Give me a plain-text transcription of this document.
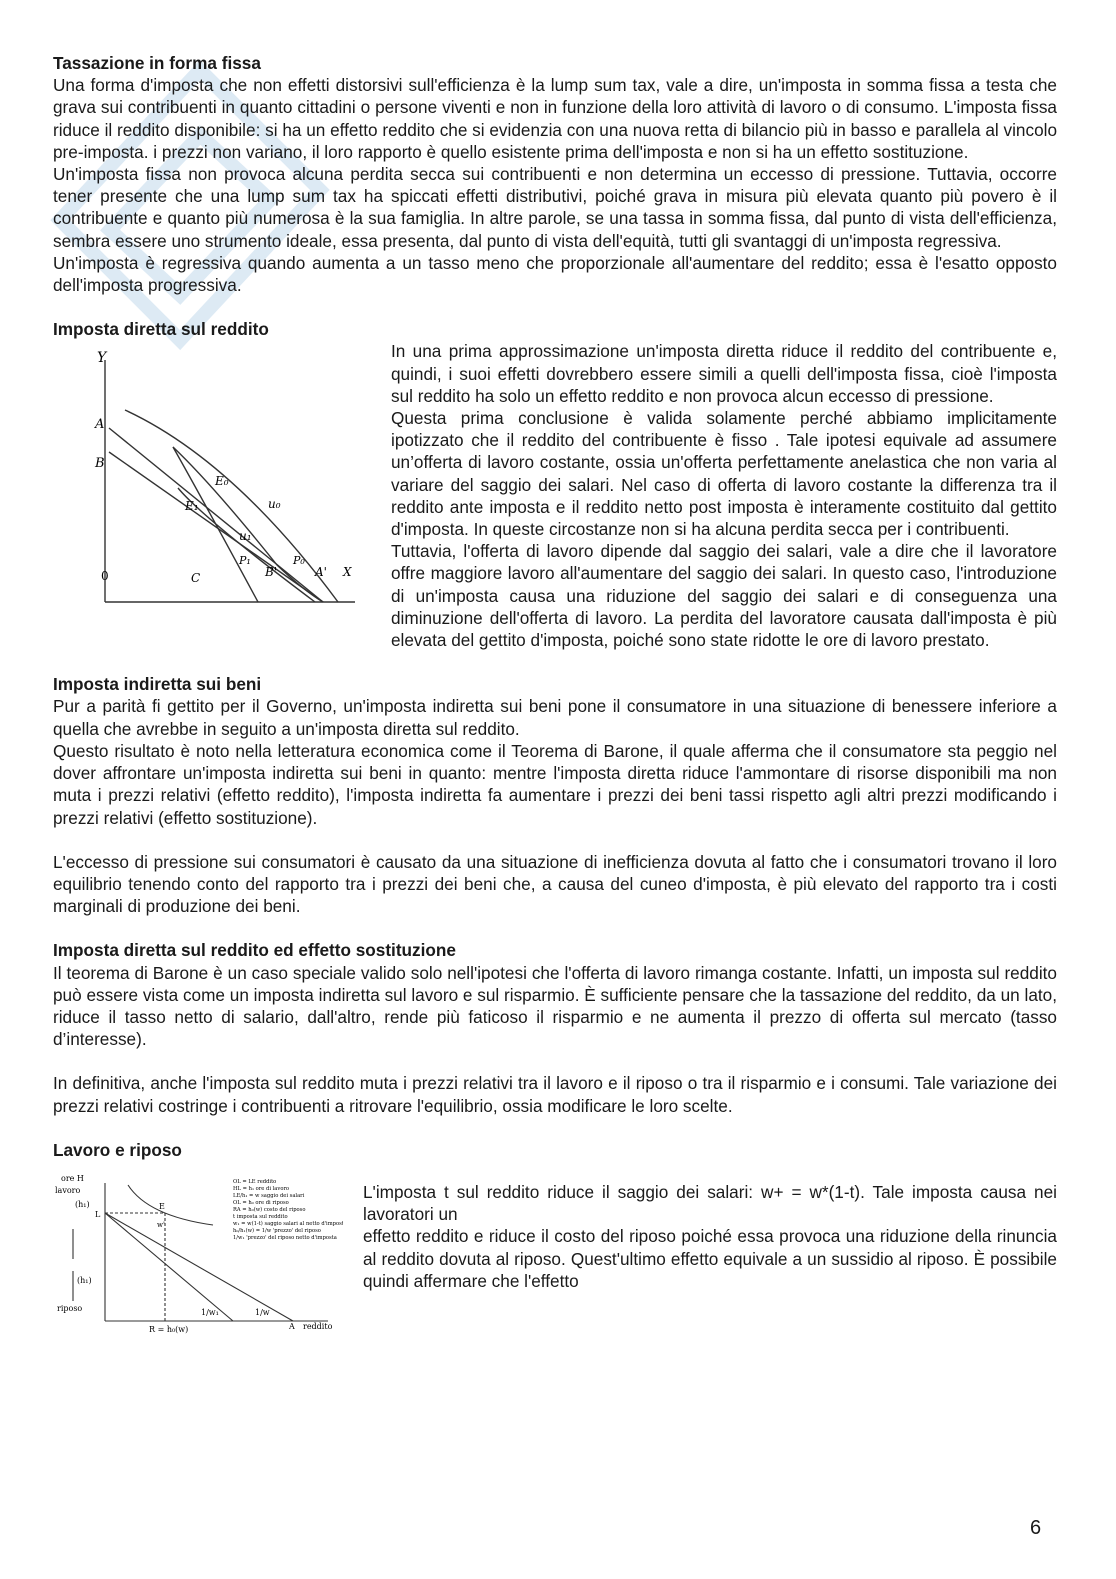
Tassazione in forma fissa

Una forma d'imposta che non effetti distorsivi sull'efficienza è la lump sum tax, vale a dire, un'imposta in somma fissa a testa che grava sui contribuenti in quanto cittadini o persone viventi e non in funzione della loro attività di lavoro o di consumo. L'imposta fissa riduce il reddito disponibile: si ha un effetto reddito che si evidenzia con una nuova retta di bilancio più in basso e parallela al vincolo pre-imposta. i prezzi non variano, il loro rapporto è quello esistente prima dell'imposta e non si ha un effetto sostituzione.

Un'imposta fissa non provoca alcuna perdita secca sui contribuenti e non determina un eccesso di pressione. Tuttavia, occorre tener presente che una lump sum tax ha spiccati effetti distributivi, poiché grava in misura più elevata quanto più povero è il contribuente e quanto più numerosa è la sua famiglia. In altre parole, se una tassa in somma fissa, dal punto di vista dell'efficienza, sembra essere uno strumento ideale, essa presenta, dal punto di vista dell'equità, tutti gli svantaggi di un'imposta regressiva.

Un'imposta è regressiva quando aumenta a un tasso meno che proporzionale all'aumentare del reddito; essa è l'esatto opposto dell'imposta progressiva.

Imposta diretta sul reddito

Y
A
B
E₀
E₁	u₀
u₁
P₁	P₀
0	C	B'	A' X

In una prima approssimazione un'imposta diretta riduce il reddito del contribuente e, quindi, i suoi effetti dovrebbero essere simili a quelli dell'imposta fissa, cioè l'imposta sul reddito ha solo un effetto reddito e non provoca alcun eccesso di pressione.

Questa prima conclusione è valida solamente perché abbiamo implicitamente ipotizzato che il reddito del contribuente è fisso . Tale ipotesi equivale ad assumere un’offerta di lavoro costante, ossia un'offerta perfettamente anelastica che non varia al variare del saggio dei salari. Nel caso di offerta di lavoro costante la differenza tra il reddito ante imposta e il reddito netto post imposta è interamente costituito dal gettito d'imposta. In queste circostanze non si ha alcuna perdita secca per i contribuenti.

Tuttavia, l'offerta di lavoro dipende dal saggio dei salari, vale a dire che il lavoratore offre maggiore lavoro all'aumentare del saggio dei salari. In questo caso, l'introduzione di un'imposta causa una riduzione del saggio dei salari e di conseguenza una diminuzione dell'offerta di lavoro. La perdita del lavoratore causata dall'imposta è più elevata del gettito d'imposta, poiché sono state ridotte le ore di lavoro prestato.

Imposta indiretta sui beni

Pur a parità fi gettito per il Governo, un'imposta indiretta sui beni pone il consumatore in una situazione di benessere inferiore a quella che avrebbe in seguito a un'imposta diretta sul reddito.

Questo risultato è noto nella letteratura economica come il Teorema di Barone, il quale afferma che il consumatore sta peggio nel dover affrontare un'imposta indiretta sui beni in quanto: mentre l'imposta diretta riduce l'ammontare di risorse disponibili ma non muta i prezzi relativi (effetto reddito), l'imposta indiretta fa aumentare i prezzi dei beni tassi rispetto agli altri prezzi modificando i prezzi relativi (effetto sostituzione).

L'eccesso di pressione sui consumatori è causato da una situazione di inefficienza dovuta al fatto che i consumatori trovano il loro equilibrio tenendo conto del rapporto tra i prezzi dei beni che, a causa del cuneo d'imposta, è più elevato del rapporto tra i costi marginali di produzione dei beni.

Imposta diretta sul reddito ed effetto sostituzione

Il teorema di Barone è un caso speciale valido solo nell'ipotesi che l'offerta di lavoro rimanga costante. Infatti, un imposta sul reddito può essere vista come un imposta indiretta sul lavoro e sul risparmio. È sufficiente pensare che la tassazione del reddito, da un lato, riduce il tasso netto di salario, dall'altro, rende più faticoso il risparmio e ne aumenta il prezzo di offerta sul mercato (tasso d’interesse).

In definitiva, anche l'imposta sul reddito muta i prezzi relativi tra il lavoro e il riposo o tra il risparmio e i consumi. Tale variazione dei prezzi relativi costringe i contribuenti a ritrovare l'equilibrio, ossia modificare le loro scelte.

Lavoro e riposo

ore H
lavoro
(h₁)
L
E
w'
(h₁)
riposo	1/w₁	1/w
A reddito
R = h₀(w)
OL = LE reddito
HL = h₁ ore di lavoro
LE/h₁ = w saggio dei salari
OL = h₀ ore di riposo
RA = h₀(w) costo del riposo
t imposta sul reddito
w₁ = w(1-t) saggio salari al netto d'imposta
h₀/h₁(w) = 1/w 'prezzo' del riposo
1/w₁ 'prezzo' del riposo netto d'imposta

L'imposta t sul reddito riduce il saggio dei salari: w+ = w*(1-t). Tale imposta causa nei lavoratori un

effetto reddito e riduce il costo del riposo poiché essa provoca una riduzione della rinuncia al reddito dovuta al riposo. Quest'ultimo effetto equivale a un sussidio al riposo. È possibile quindi affermare che l'effetto

6
